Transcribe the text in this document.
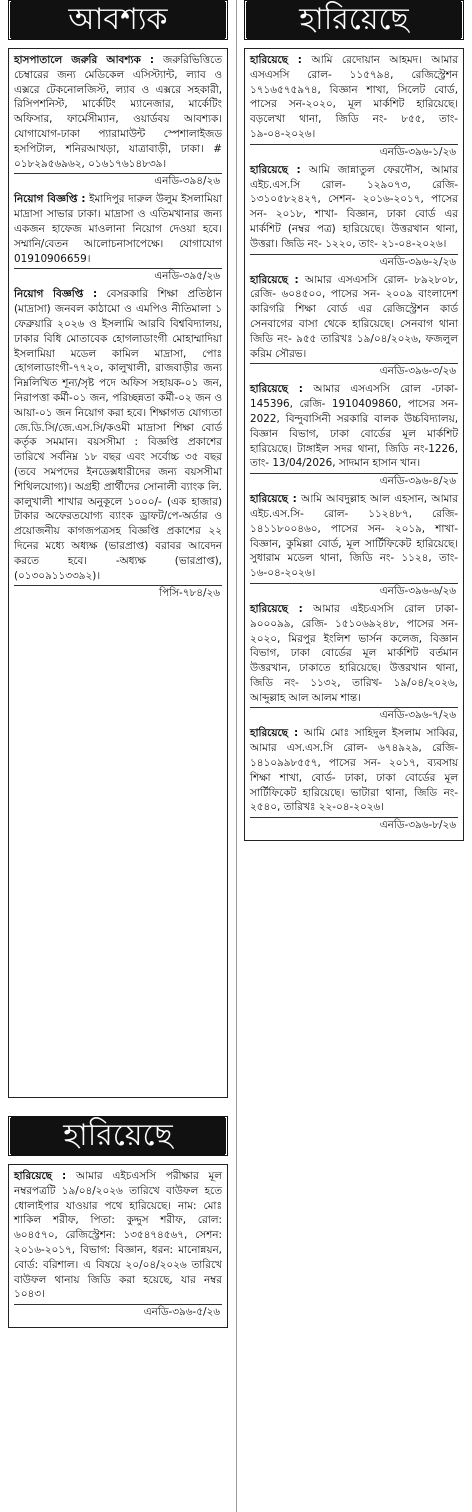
আবশ্যক
হাসপাতালে জরুরি আবশ্যক : জরুরিভিত্তিতে চেম্বারের জন্য মেডিকেল এসিস্ট্যান্ট, ল্যাব ও এক্সরে টেকনোলজিস্ট, ল্যাব ও এক্সরে সহকারী, রিসিপশনিস্ট, মার্কেটিং ম্যানেজার, মার্কেটিং অফিসার, ফার্মেসীম্যান, ওয়ার্ডবয় আবশ্যক। যোগাযোগ-ঢাকা প্যারামাউন্ট স্পেশালাইজড হসপিটাল, শনিরআখড়া, যাত্রাবাড়ী, ঢাকা। # ০১৮২৯৫৬৯৬২, ০১৬১৭৬১৪৮৩৯।
এনডি-৩৯৪/২৬
নিয়োগ বিজ্ঞপ্তি : ইমাদিপুর দারুল উলুম ইসলামিয়া মাদ্রাসা সাভার ঢাকা। মাদ্রাসা ও এতিমখানার জন্য একজন হাফেজ মাওলানা নিয়োগ দেওয়া হবে। সম্মানি/বেতন আলোচনাসাপেক্ষে। যোগাযোগ 01910906659।
এনডি-৩৯৫/২৬
নিয়োগ বিজ্ঞপ্তি : বেসরকারি শিক্ষা প্রতিষ্ঠান (মাদ্রাসা) জনবল কাঠামো ও এমপিও নীতিমালা ১ ফেব্রুয়ারি ২০২৬ ও ইসলামি আরবি বিশ্ববিদ্যালয়, ঢাকার বিধি মোতাবেক হোগলাডাংগী মোহাম্মাদিয়া ইসলামিয়া মডেল কামিল মাদ্রাসা, পোঃ হোগলাডাংগী-৭৭২০, কালুখালী, রাজবাড়ীর জন্য নিম্নলিখিত শূন্য/সৃষ্ট পদে অফিস সহায়ক-০১ জন, নিরাপত্তা কর্মী-০১ জন, পরিচ্ছন্নতা কর্মী-০২ জন ও আয়া-০১ জন নিয়োগ করা হবে। শিক্ষাগত যোগ্যতা জে.ডি.সি/জে.এস.সি/কওমী মাদ্রাসা শিক্ষা বোর্ড কর্তৃক সমমান। বয়সসীমা : বিজ্ঞপ্তি প্রকাশের তারিখে সর্বনিম্ন ১৮ বছর এবং সর্বোচ্চ ৩৫ বছর (তবে সমপদের ইনডেক্সধারীদের জন্য বয়সসীমা শিথিলযোগ্য)। অগ্রহী প্রার্থীদের সোনালী ব্যাংক লি. কালুখালী শাখার অনুকূলে ১০০০/- (এক হাজার) টাকার অফেরতযোগ্য ব্যাংক ড্রাফট/পে-অর্ডার ও প্রয়োজনীয় কাগজপত্রসহ বিজ্ঞপ্তি প্রকাশের ২২ দিনের মধ্যে অধ্যক্ষ (ভারপ্রাপ্ত) বরাবর আবেদন করতে হবে। -অধ্যক্ষ (ভারপ্রাপ্ত), (০১৩০৯১১৩৩৯২)।
পিসি-৭৮৪/২৬
হারিয়েছে
হারিয়েছে : আমার এইচএসসি পরীক্ষার মূল নম্বরপত্রটি ১৯/০৪/২০২৬ তারিখে বাউফল হতে ধোলাইপার যাওয়ার পথে হারিয়েছে। নাম: মোঃ শাকিল শরীফ, পিতা: কুদ্দুস শরীফ, রোল: ৬০৪৫৭০, রেজিস্ট্রেশন: ১৩৫৪৭৪৫৬৭, সেশন: ২০১৬-২০১৭, বিভাগ: বিজ্ঞান, ধরন: মানোন্নয়ন, বোর্ড: বরিশাল। এ বিষয়ে ২০/০৪/২০২৬ তারিখে বাউফল থানায় জিডি করা হয়েছে, যার নম্বর ১০৪৩।
এনডি-৩৯৬-৫/২৬
হারিয়েছে
হারিয়েছে : আমি রেদোয়ান আহমদ। আমার এসএসসি রোল- ১১৫৭৯৪, রেজিস্ট্রেশন ১৭১৬৫৭৫৯৭৪, বিজ্ঞান শাখা, সিলেট বোর্ড, পাসের সন-২০২০, মূল মার্কশিট হারিয়েছে। বড়লেখা থানা, জিডি নং- ৮৫৫, তাং- ১৯-০৪-২০২৬।
এনডি-৩৯৬-১/২৬
হারিয়েছে : আমি জান্নাতুল ফেরদৌস, আমার এইচ.এস.সি রোল- ১২৯০৭৩, রেজি- ১৩১০৫৮২৪২৭, সেশন- ২০১৬-২০১৭, পাসের সন- ২০১৮, শাখা- বিজ্ঞান, ঢাকা বোর্ড এর মার্কশিট (নম্বর পত্র) হারিয়েছে। উত্তরখান থানা, উত্তরা। জিডি নং- ১২২০, তাং- ২১-০৪-২০২৬।
এনডি-৩৯৬-২/২৬
হারিয়েছে : আমার এসএসসি রোল- ৮৯২৮০৮, রেজি- ৬০৪৫০০, পাসের সন- ২০০৯ বাংলাদেশ কারিগরি শিক্ষা বোর্ড এর রেজিস্ট্রেশন কার্ড সেনবাগের বাসা থেকে হারিয়েছে। সেনবাগ থানা জিডি নং- ৯৫৫ তারিখঃ ১৯/০৪/২০২৬, ফজলুল করিম সৌরভ।
এনডি-৩৯৬-৩/২৬
হারিয়েছে : আমার এসএসসি রোল -ঢাকা- 145396, রেজি- 1910409860, পাসের সন- 2022, বিন্দুবাসিনী সরকারি বালক উচ্চবিদ্যালয়, বিজ্ঞান বিভাগ, ঢাকা বোর্ডের মূল মার্কশিট হারিয়েছে। টাঙ্গাইল সদর থানা, জিডি নং-1226, তাং- 13/04/2026, সাদমান হাসান খান।
এনডি-৩৯৬-৪/২৬
হারিয়েছে : আমি আবদুল্লাহ আল এহসান, আমার এইচ.এস.সি- রোল- ১১২৪৮৭, রেজি- ১৪১১৮০০৪৬০, পাসের সন- ২০১৯, শাখা- বিজ্ঞান, কুমিল্লা বোর্ড, মূল সার্টিফিকেট হারিয়েছে। সুধারাম মডেল থানা, জিডি নং- ১১২৪, তাং- ১৬-০৪-২০২৬।
এনডি-৩৯৬-৬/২৬
হারিয়েছে : আমার এইচএসসি রোল ঢাকা- ৯০০০৯৯, রেজি- ১৫১০৬৯২৪৮, পাসের সন- ২০২০, মিরপুর ইংলিশ ভার্সন কলেজ, বিজ্ঞান বিভাগ, ঢাকা বোর্ডের মূল মার্কশিট বর্তমান উত্তরখান, ঢাকাতে হারিয়েছে। উত্তরখান থানা, জিডি নং- ১১৩২, তারিখ- ১৯/০৪/২০২৬, আব্দুল্লাহ আল আলম শান্ত।
এনডি-৩৯৬-৭/২৬
হারিয়েছে : আমি মোঃ সাহিদুল ইসলাম সাব্বির, আমার এস.এস.সি রোল- ৬৭৪৯২৯, রেজি- ১৪১০৯৯৮৫৫৭, পাসের সন- ২০১৭, ব্যবসায় শিক্ষা শাখা, বোর্ড- ঢাকা, ঢাকা বোর্ডের মূল সার্টিফিকেট হারিয়েছে। ভাটারা থানা, জিডি নং- ২৫৪০, তারিখঃ ২২-০৪-২০২৬।
এনডি-৩৯৬-৮/২৬
